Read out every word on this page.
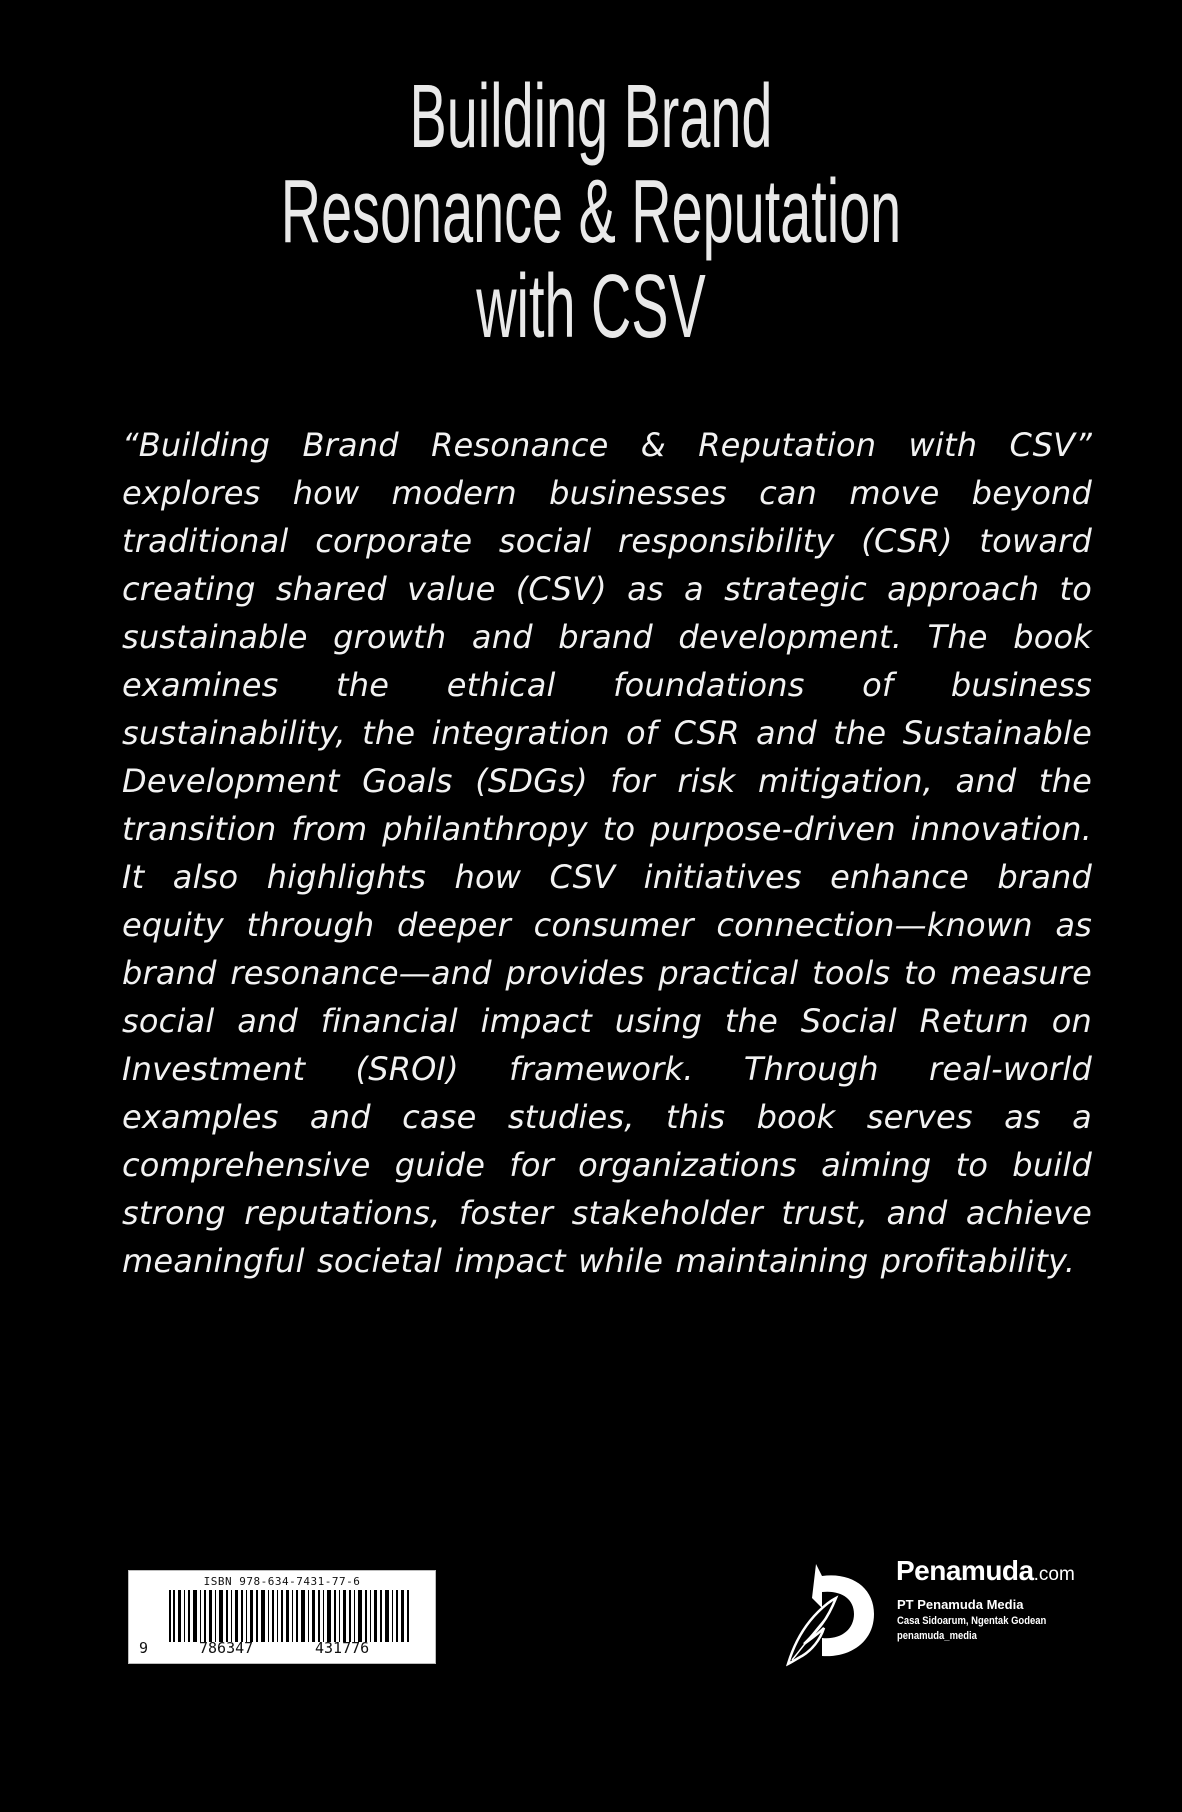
Building Brand
Resonance & Reputation
with CSV

“Building Brand Resonance & Reputation with CSV” explores how modern businesses can move beyond traditional corporate social responsibility (CSR) toward creating shared value (CSV) as a strategic approach to sustainable growth and brand development. The book examines the ethical foundations of business sustainability, the integration of CSR and the Sustainable Development Goals (SDGs) for risk mitigation, and the transition from philanthropy to purpose-driven innovation. It also highlights how CSV initiatives enhance brand equity through deeper consumer connection—known as brand resonance—and provides practical tools to measure social and financial impact using the Social Return on Investment (SROI) framework. Through real-world examples and case studies, this book serves as a comprehensive guide for organizations aiming to build strong reputations, foster stakeholder trust, and achieve meaningful societal impact while maintaining profitability.

ISBN 978-634-7431-77-6
9	786347	431776
Penamuda.com
PT Penamuda Media
Casa Sidoarum, Ngentak Godean
penamuda_media
